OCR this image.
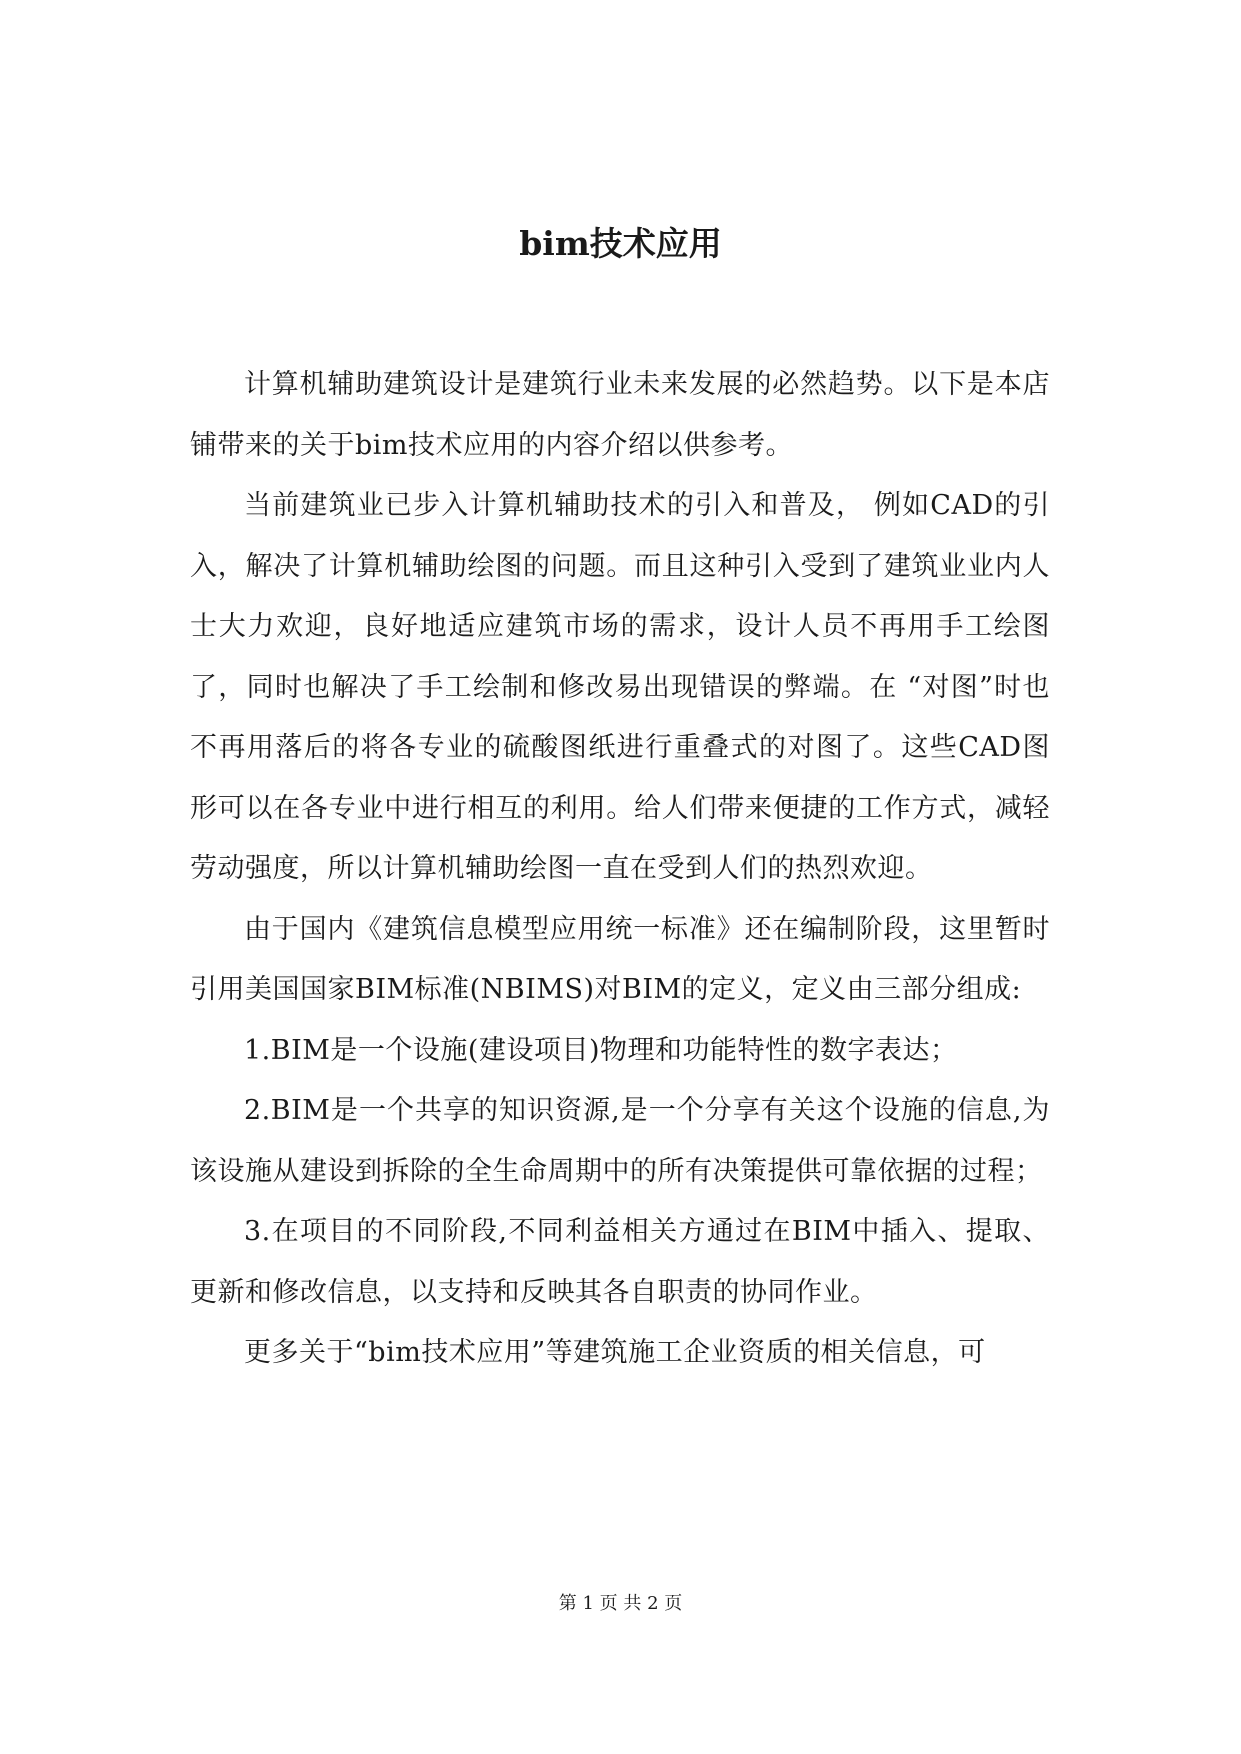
bim技术应用

计算机辅助建筑设计是建筑行业未来发展的必然趋势。以下是本店铺带来的关于bim技术应用的内容介绍以供参考。

当前建筑业已步入计算机辅助技术的引入和普及， 例如CAD的引入，解决了计算机辅助绘图的问题。而且这种引入受到了建筑业业内人士大力欢迎，良好地适应建筑市场的需求，设计人员不再用手工绘图了，同时也解决了手工绘制和修改易出现错误的弊端。在 “对图”时也不再用落后的将各专业的硫酸图纸进行重叠式的对图了。这些CAD图形可以在各专业中进行相互的利用。给人们带来便捷的工作方式，减轻劳动强度，所以计算机辅助绘图一直在受到人们的热烈欢迎。

由于国内《建筑信息模型应用统一标准》还在编制阶段，这里暂时引用美国国家BIM标准(NBIMS)对BIM的定义，定义由三部分组成:

1.BIM是一个设施(建设项目)物理和功能特性的数字表达；

2.BIM是一个共享的知识资源,是一个分享有关这个设施的信息,为该设施从建设到拆除的全生命周期中的所有决策提供可靠依据的过程；

3.在项目的不同阶段,不同利益相关方通过在BIM中插入、提取、更新和修改信息，以支持和反映其各自职责的协同作业。

更多关于“bim技术应用”等建筑施工企业资质的相关信息，可

第 1 页 共 2 页
